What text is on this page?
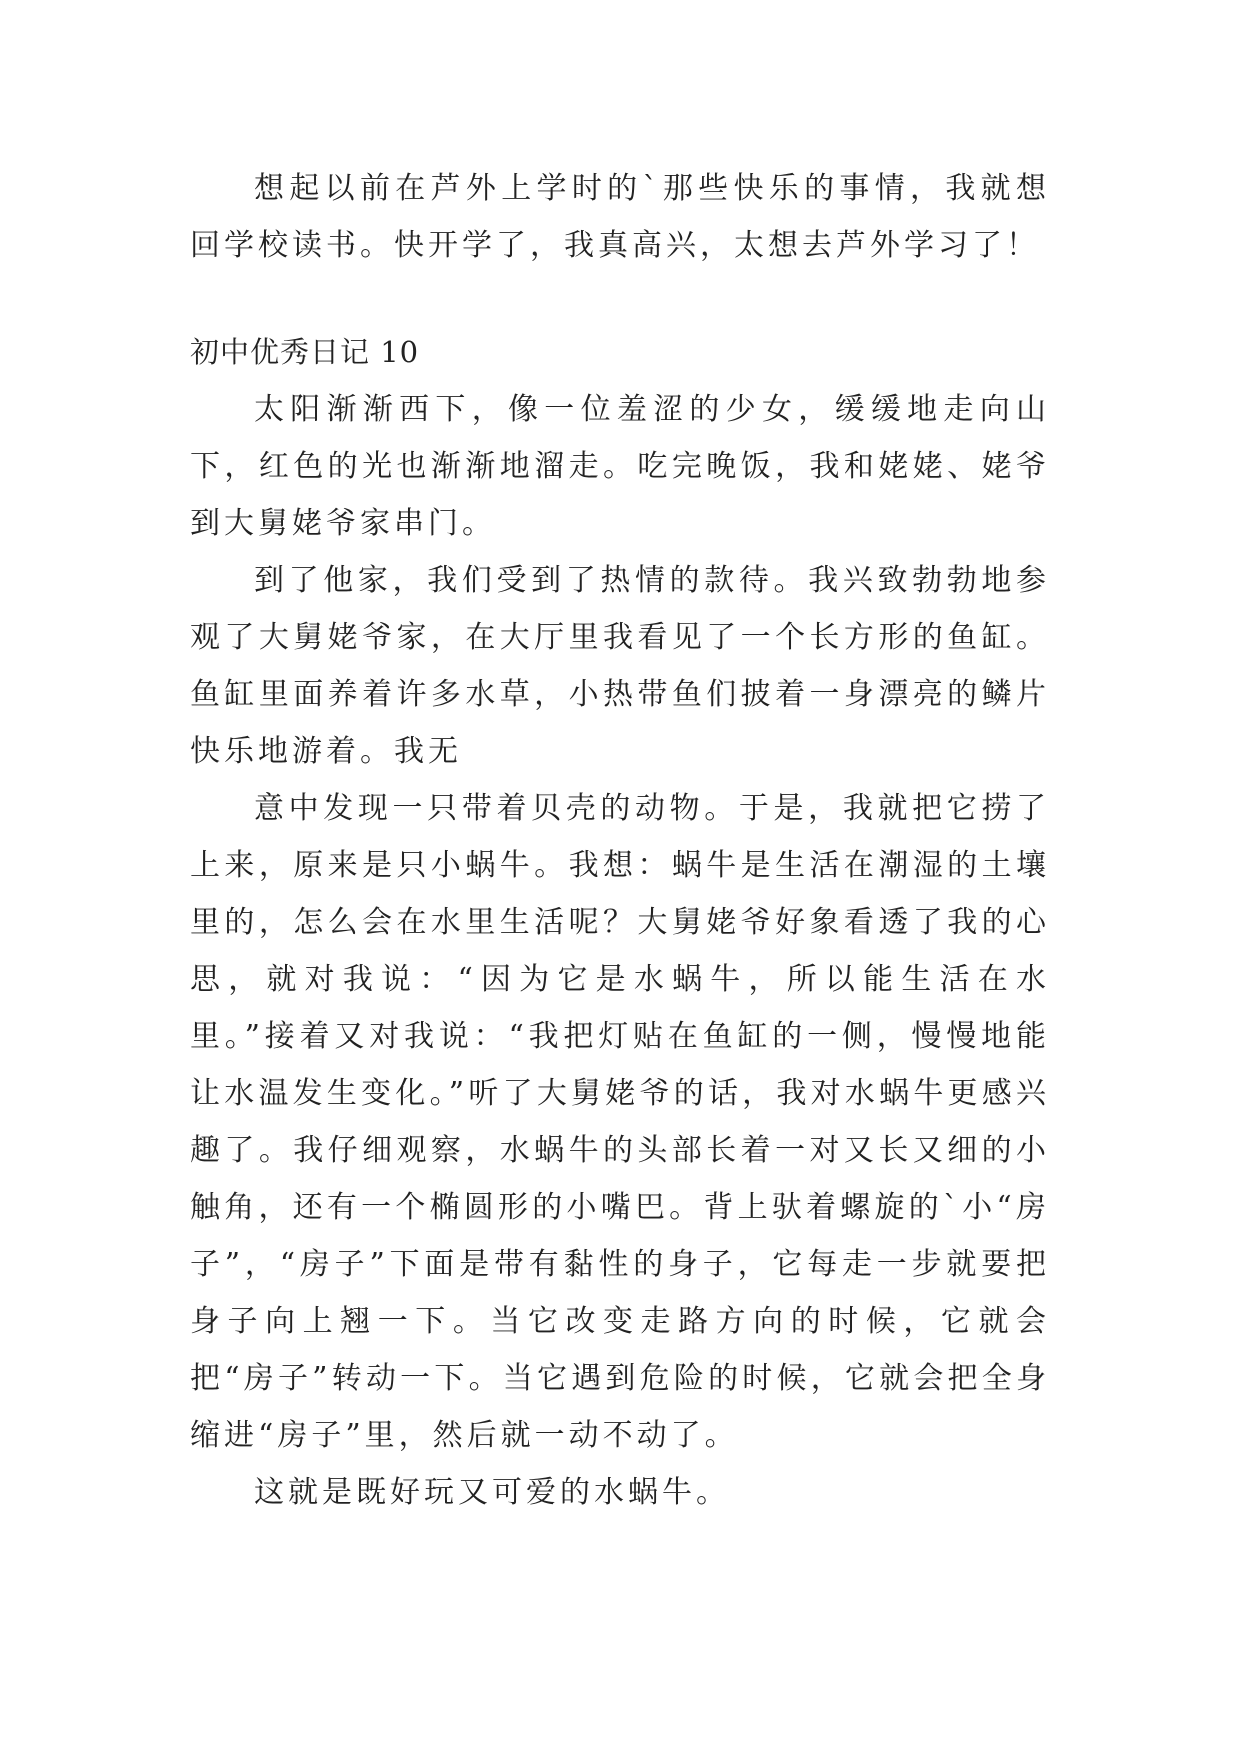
想起以前在芦外上学时的`那些快乐的事情，我就想回学校读书。快开学了，我真高兴，太想去芦外学习了！

初中优秀日记 10

太阳渐渐西下，像一位羞涩的少女，缓缓地走向山下，红色的光也渐渐地溜走。吃完晚饭，我和姥姥、姥爷到大舅姥爷家串门。

到了他家，我们受到了热情的款待。我兴致勃勃地参观了大舅姥爷家，在大厅里我看见了一个长方形的鱼缸。鱼缸里面养着许多水草，小热带鱼们披着一身漂亮的鳞片快乐地游着。我无

意中发现一只带着贝壳的动物。于是，我就把它捞了上来，原来是只小蜗牛。我想：蜗牛是生活在潮湿的土壤里的，怎么会在水里生活呢？大舅姥爷好象看透了我的心思，就对我说：“因为它是水蜗牛，所以能生活在水里。”接着又对我说：“我把灯贴在鱼缸的一侧，慢慢地能让水温发生变化。”听了大舅姥爷的话，我对水蜗牛更感兴趣了。我仔细观察，水蜗牛的头部长着一对又长又细的小触角，还有一个椭圆形的小嘴巴。背上驮着螺旋的`小“房子”，“房子”下面是带有黏性的身子，它每走一步就要把身子向上翘一下。当它改变走路方向的时候，它就会把“房子”转动一下。当它遇到危险的时候，它就会把全身缩进“房子”里，然后就一动不动了。

这就是既好玩又可爱的水蜗牛。
